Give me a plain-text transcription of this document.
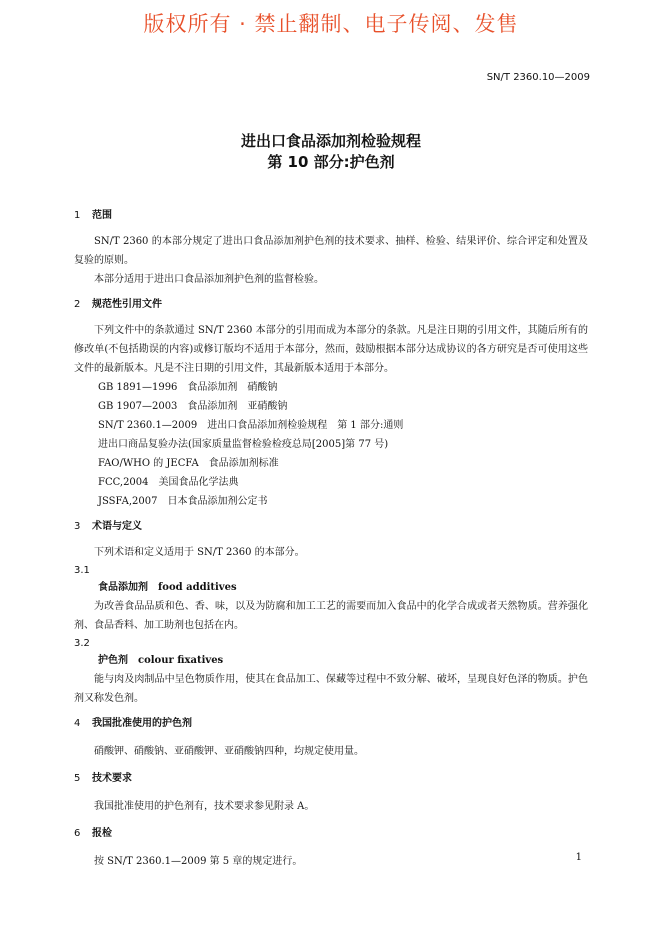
版权所有 · 禁止翻制、电子传阅、发售
SN/T 2360.10—2009
进出口食品添加剂检验规程
第 10 部分:护色剂
1 范围

SN/T 2360 的本部分规定了进出口食品添加剂护色剂的技术要求、抽样、检验、结果评价、综合评定和处置及复验的原则。

本部分适用于进出口食品添加剂护色剂的监督检验。

2 规范性引用文件

下列文件中的条款通过 SN/T 2360 本部分的引用而成为本部分的条款。凡是注日期的引用文件，其随后所有的修改单(不包括勘误的内容)或修订版均不适用于本部分，然而，鼓励根据本部分达成协议的各方研究是否可使用这些文件的最新版本。凡是不注日期的引用文件，其最新版本适用于本部分。

GB 1891—1996　食品添加剂　硝酸钠
GB 1907—2003　食品添加剂　亚硝酸钠
SN/T 2360.1—2009　进出口食品添加剂检验规程　第 1 部分:通则
进出口商品复验办法(国家质量监督检验检疫总局[2005]第 77 号)
FAO/WHO 的 JECFA　食品添加剂标准
FCC,2004　美国食品化学法典
JSSFA,2007　日本食品添加剂公定书
3 术语与定义

下列术语和定义适用于 SN/T 2360 的本部分。

3.1
食品添加剂　food additives

为改善食品品质和色、香、味，以及为防腐和加工工艺的需要而加入食品中的化学合成或者天然物质。营养强化剂、食品香料、加工助剂也包括在内。

3.2
护色剂　colour fixatives

能与肉及肉制品中呈色物质作用，使其在食品加工、保藏等过程中不致分解、破坏，呈现良好色泽的物质。护色剂又称发色剂。

4 我国批准使用的护色剂

硝酸钾、硝酸钠、亚硝酸钾、亚硝酸钠四种，均规定使用量。

5 技术要求

我国批准使用的护色剂有，技术要求参见附录 A。

6 报检

按 SN/T 2360.1—2009 第 5 章的规定进行。	1
